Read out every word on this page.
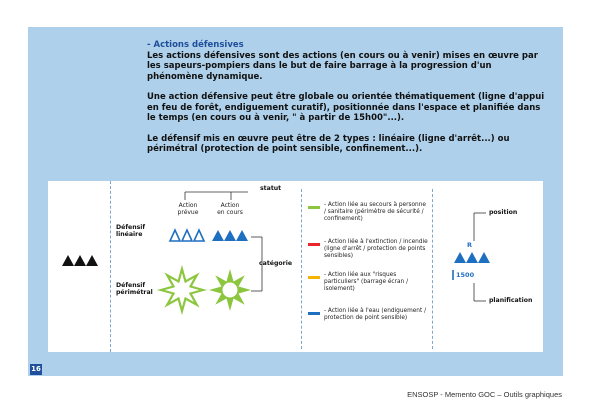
- Actions défensives

Les actions défensives sont des actions (en cours ou à venir) mises en œuvre par les sapeurs-pompiers dans le but de faire barrage à la progression d'un phénomène dynamique.

Une action défensive peut être globale ou orientée thématiquement (ligne d'appui en feu de forêt, endiguement curatif), positionnée dans l'espace et planifiée dans le temps (en cours ou à venir, " à partir de 15h00"...).

Le défensif mis en œuvre peut être de 2 types : linéaire (ligne d'arrêt...) ou périmétral (protection de point sensible, confinement...).

statut
Action
prévue
Action
en cours
Défensif
linéaire
Défensif
périmétral
catégorie
- Action liée au secours à personne / sanitaire (périmètre de sécurité / confinement)
- Action liée à l'extinction / incendie (ligne d'arrêt / protection de points sensibles)
- Action liée aux "risques particuliers" (barrage écran / isolement)
- Action liée à l'eau (endiguement / protection de point sensible)
R
1500
position
planification
16
ENSOSP - Memento GOC – Outils graphiques
